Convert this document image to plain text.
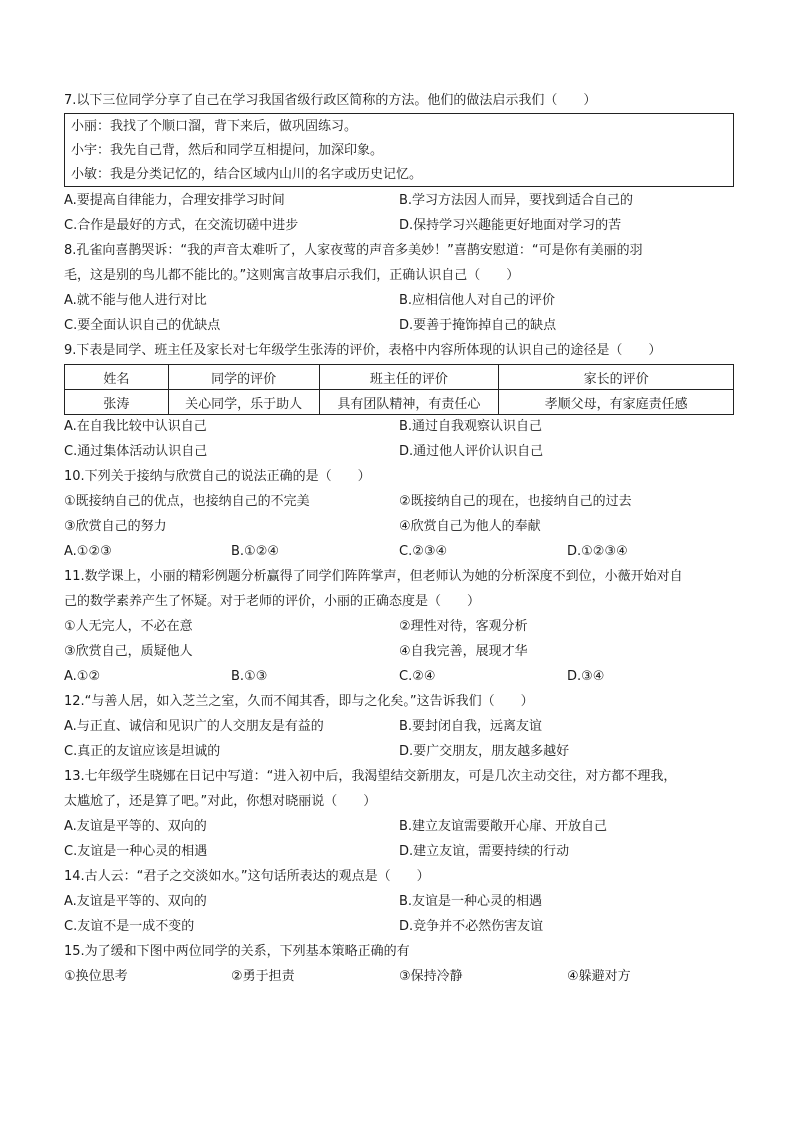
7.以下三位同学分享了自己在学习我国省级行政区简称的方法。他们的做法启示我们（　　）
小丽：我找了个顺口溜，背下来后，做巩固练习。
小宇：我先自己背，然后和同学互相提问，加深印象。
小敏：我是分类记忆的，结合区域内山川的名字或历史记忆。
A.要提高自律能力，合理安排学习时间	B.学习方法因人而异，要找到适合自己的
C.合作是最好的方式，在交流切磋中进步	D.保持学习兴趣能更好地面对学习的苦
8.孔雀向喜鹊哭诉：“我的声音太难听了，人家夜莺的声音多美妙！”喜鹊安慰道：“可是你有美丽的羽
毛，这是别的鸟儿都不能比的。”这则寓言故事启示我们，正确认识自己（　　）
A.就不能与他人进行对比	B.应相信他人对自己的评价
C.要全面认识自己的优缺点	D.要善于掩饰掉自己的缺点
9.下表是同学、班主任及家长对七年级学生张涛的评价，表格中内容所体现的认识自己的途径是（　　）
姓名	同学的评价	班主任的评价	家长的评价
张涛	关心同学，乐于助人	具有团队精神，有责任心	孝顺父母，有家庭责任感
A.在自我比较中认识自己	B.通过自我观察认识自己
C.通过集体活动认识自己	D.通过他人评价认识自己
10.下列关于接纳与欣赏自己的说法正确的是（　　）
①既接纳自己的优点，也接纳自己的不完美	②既接纳自己的现在，也接纳自己的过去
③欣赏自己的努力	④欣赏自己为他人的奉献
A.①②③	B.①②④	C.②③④	D.①②③④
11.数学课上，小丽的精彩例题分析赢得了同学们阵阵掌声，但老师认为她的分析深度不到位，小薇开始对自
己的数学素养产生了怀疑。对于老师的评价，小丽的正确态度是（　　）
①人无完人，不必在意	②理性对待，客观分析
③欣赏自己，质疑他人	④自我完善，展现才华
A.①②	B.①③	C.②④	D.③④
12.“与善人居，如入芝兰之室，久而不闻其香，即与之化矣。”这告诉我们（　　）
A.与正直、诚信和见识广的人交朋友是有益的	B.要封闭自我，远离友谊
C.真正的友谊应该是坦诚的	D.要广交朋友，朋友越多越好
13.七年级学生晓娜在日记中写道：“进入初中后，我渴望结交新朋友，可是几次主动交往，对方都不理我，
太尴尬了，还是算了吧。”对此，你想对晓丽说（　　）
A.友谊是平等的、双向的	B.建立友谊需要敞开心扉、开放自己
C.友谊是一种心灵的相遇	D.建立友谊，需要持续的行动
14.古人云：“君子之交淡如水。”这句话所表达的观点是（　　）
A.友谊是平等的、双向的	B.友谊是一种心灵的相遇
C.友谊不是一成不变的	D.竞争并不必然伤害友谊
15.为了缓和下图中两位同学的关系，下列基本策略正确的有
①换位思考	②勇于担责	③保持冷静	④躲避对方
